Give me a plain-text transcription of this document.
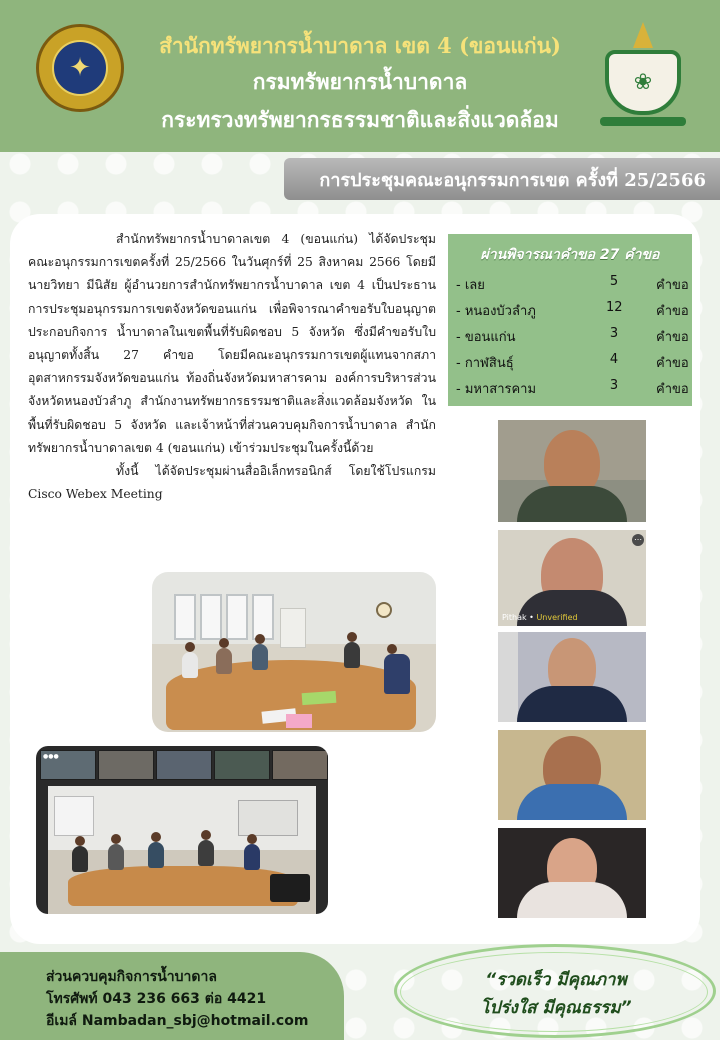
✦
สำนักทรัพยากรน้ำบาดาล เขต 4 (ขอนแก่น)
กรมทรัพยากรน้ำบาดาล
กระทรวงทรัพยากรธรรมชาติและสิ่งแวดล้อม
❀
การประชุมคณะอนุกรรมการเขต ครั้งที่ 25/2566

สำนักทรัพยากรน้ำบาดาลเขต 4 (ขอนแก่น) ได้จัดประชุมคณะอนุกรรมการเขตครั้งที่ 25/2566 ในวันศุกร์ที่ 25 สิงหาคม 2566 โดยมีนายวิทยา มีนิสัย ผู้อำนวยการสำนักทรัพยากรน้ำบาดาล เขต 4 เป็นประธานการประชุมอนุกรรมการเขตจังหวัดขอนแก่น เพื่อพิจารณาคำขอรับใบอนุญาตประกอบกิจการ น้ำบาดาลในเขตพื้นที่รับผิดชอบ 5 จังหวัด ซึ่งมีคำขอรับใบอนุญาตทั้งสิ้น 27 คำขอ โดยมีคณะอนุกรรมการเขตผู้แทนจากสภาอุตสาหกรรมจังหวัดขอนแก่น ท้องถิ่นจังหวัดมหาสารคาม องค์การบริหารส่วนจังหวัดหนองบัวลำภู สำนักงานทรัพยากรธรรมชาติและสิ่งแวดล้อมจังหวัด ในพื้นที่รับผิดชอบ 5 จังหวัด และเจ้าหน้าที่ส่วนควบคุมกิจการน้ำบาดาล สำนักทรัพยากรน้ำบาดาลเขต 4 (ขอนแก่น) เข้าร่วมประชุมในครั้งนี้ด้วย

ทั้งนี้ ได้จัดประชุมผ่านสื่ออิเล็กทรอนิกส์ โดยใช้โปรแกรม Cisco Webex Meeting

ผ่านพิจารณาคำขอ 27 คำขอ
- เลย	5	คำขอ
- หนองบัวลำภู	12	คำขอ
- ขอนแก่น	3	คำขอ
- กาฬสินธุ์	4	คำขอ
- มหาสารคาม	3	คำขอ
●●●
⋯
Pithak • Unverified
ส่วนควบคุมกิจการน้ำบาดาล
โทรศัพท์ 043 236 663 ต่อ 4421
อีเมล์ Nambadan_sbj@hotmail.com
“รวดเร็ว มีคุณภาพ
โปร่งใส มีคุณธรรม”
